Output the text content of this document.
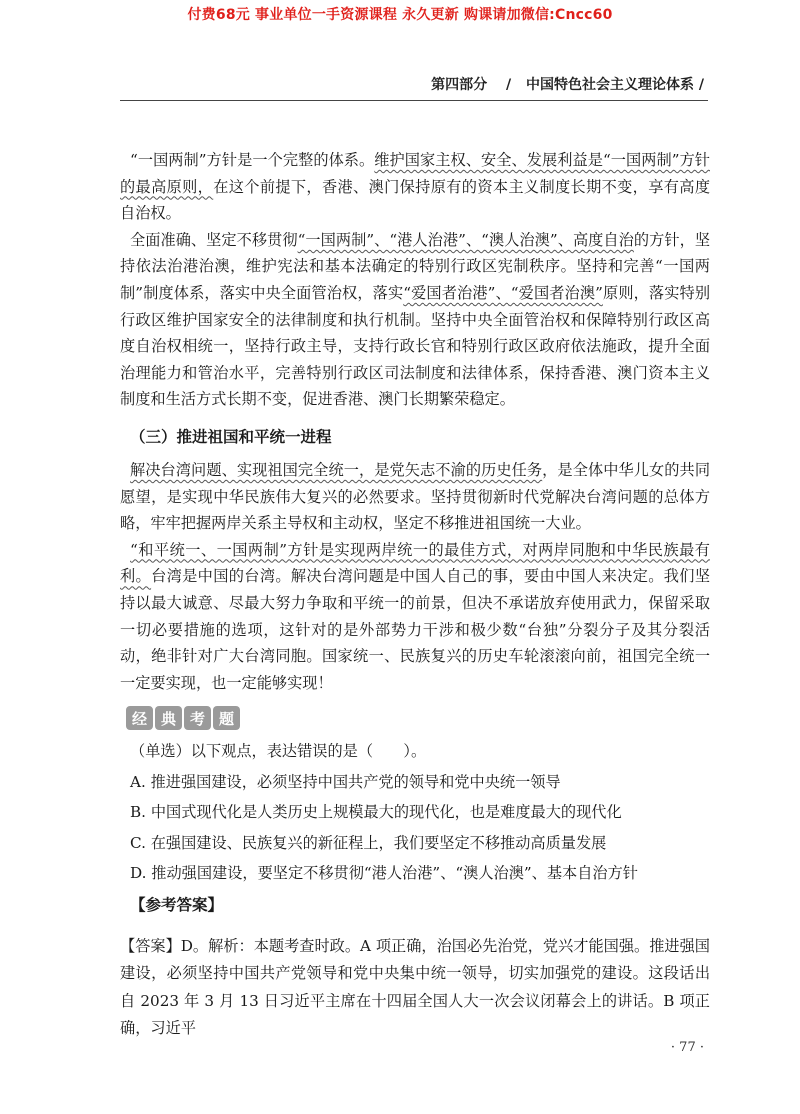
付费68元 事业单位一手资源课程 永久更新 购课请加微信:Cncc60
第四部分 / 中国特色社会主义理论体系 /

“一国两制”方针是一个完整的体系。维护国家主权、安全、发展利益是“一国两制”方针的最高原则，在这个前提下，香港、澳门保持原有的资本主义制度长期不变，享有高度自治权。

全面准确、坚定不移贯彻“一国两制”、“港人治港”、“澳人治澳”、高度自治的方针，坚持依法治港治澳，维护宪法和基本法确定的特别行政区宪制秩序。坚持和完善“一国两制”制度体系，落实中央全面管治权，落实“爱国者治港”、“爱国者治澳”原则，落实特别行政区维护国家安全的法律制度和执行机制。坚持中央全面管治权和保障特别行政区高度自治权相统一，坚持行政主导，支持行政长官和特别行政区政府依法施政，提升全面治理能力和管治水平，完善特别行政区司法制度和法律体系，保持香港、澳门资本主义制度和生活方式长期不变，促进香港、澳门长期繁荣稳定。

（三）推进祖国和平统一进程

解决台湾问题、实现祖国完全统一，是党矢志不渝的历史任务，是全体中华儿女的共同愿望，是实现中华民族伟大复兴的必然要求。坚持贯彻新时代党解决台湾问题的总体方略，牢牢把握两岸关系主导权和主动权，坚定不移推进祖国统一大业。

“和平统一、一国两制”方针是实现两岸统一的最佳方式，对两岸同胞和中华民族最有利。台湾是中国的台湾。解决台湾问题是中国人自己的事，要由中国人来决定。我们坚持以最大诚意、尽最大努力争取和平统一的前景，但决不承诺放弃使用武力，保留采取一切必要措施的选项，这针对的是外部势力干涉和极少数“台独”分裂分子及其分裂活动，绝非针对广大台湾同胞。国家统一、民族复兴的历史车轮滚滚向前，祖国完全统一一定要实现，也一定能够实现！

经 典 考 题
（单选）以下观点，表达错误的是（　　）。
A. 推进强国建设，必须坚持中国共产党的领导和党中央统一领导
B. 中国式现代化是人类历史上规模最大的现代化，也是难度最大的现代化
C. 在强国建设、民族复兴的新征程上，我们要坚定不移推动高质量发展
D. 推动强国建设，要坚定不移贯彻“港人治港”、“澳人治澳”、基本自治方针
【参考答案】

【答案】D。解析：本题考查时政。A 项正确，治国必先治党，党兴才能国强。推进强国建设，必须坚持中国共产党领导和党中央集中统一领导，切实加强党的建设。这段话出自 2023 年 3 月 13 日习近平主席在十四届全国人大一次会议闭幕会上的讲话。B 项正确，习近平

· 77 ·
